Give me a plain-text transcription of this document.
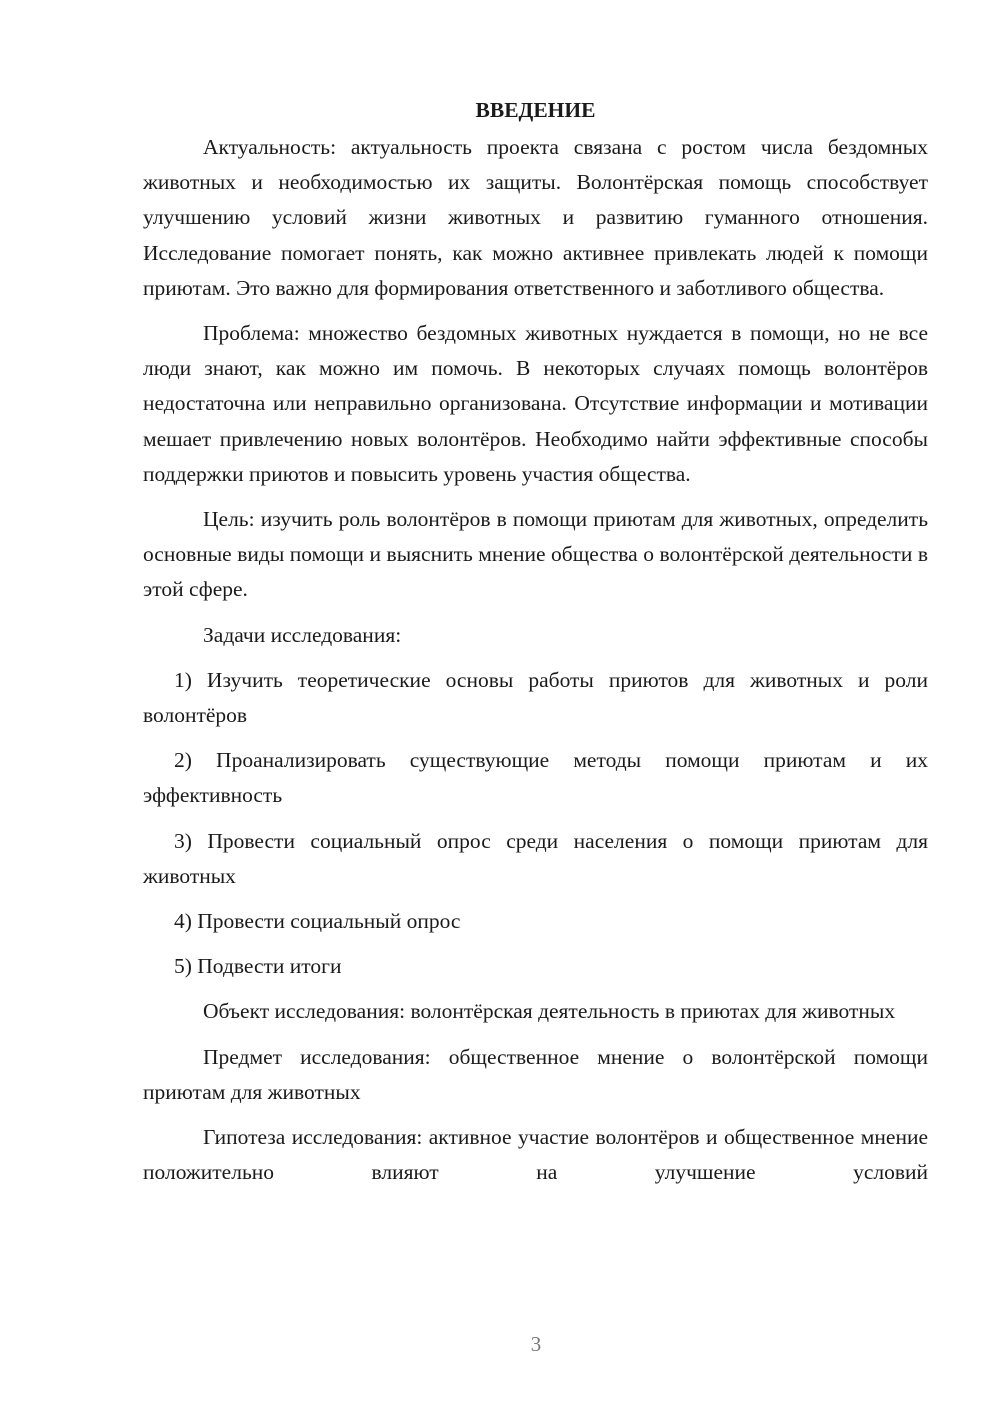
ВВЕДЕНИЕ

Актуальность: актуальность проекта связана с ростом числа бездомных животных и необходимостью их защиты. Волонтёрская помощь способствует улучшению условий жизни животных и развитию гуманного отношения. Исследование помогает понять, как можно активнее привлекать людей к помощи приютам. Это важно для формирования ответственного и заботливого общества.

Проблема: множество бездомных животных нуждается в помощи, но не все люди знают, как можно им помочь. В некоторых случаях помощь волонтёров недостаточна или неправильно организована. Отсутствие информации и мотивации мешает привлечению новых волонтёров. Необходимо найти эффективные способы поддержки приютов и повысить уровень участия общества.

Цель: изучить роль волонтёров в помощи приютам для животных, определить основные виды помощи и выяснить мнение общества о волонтёрской деятельности в этой сфере.

Задачи исследования:

1) Изучить теоретические основы работы приютов для животных и роли волонтёров

2) Проанализировать существующие методы помощи приютам и их эффективность

3) Провести социальный опрос среди населения о помощи приютам для животных

4) Провести социальный опрос

5) Подвести итоги

Объект исследования: волонтёрская деятельность в приютах для животных

Предмет исследования: общественное мнение о волонтёрской помощи приютам для животных

Гипотеза исследования: активное участие волонтёров и общественное мнение положительно влияют на улучшение условий

3
